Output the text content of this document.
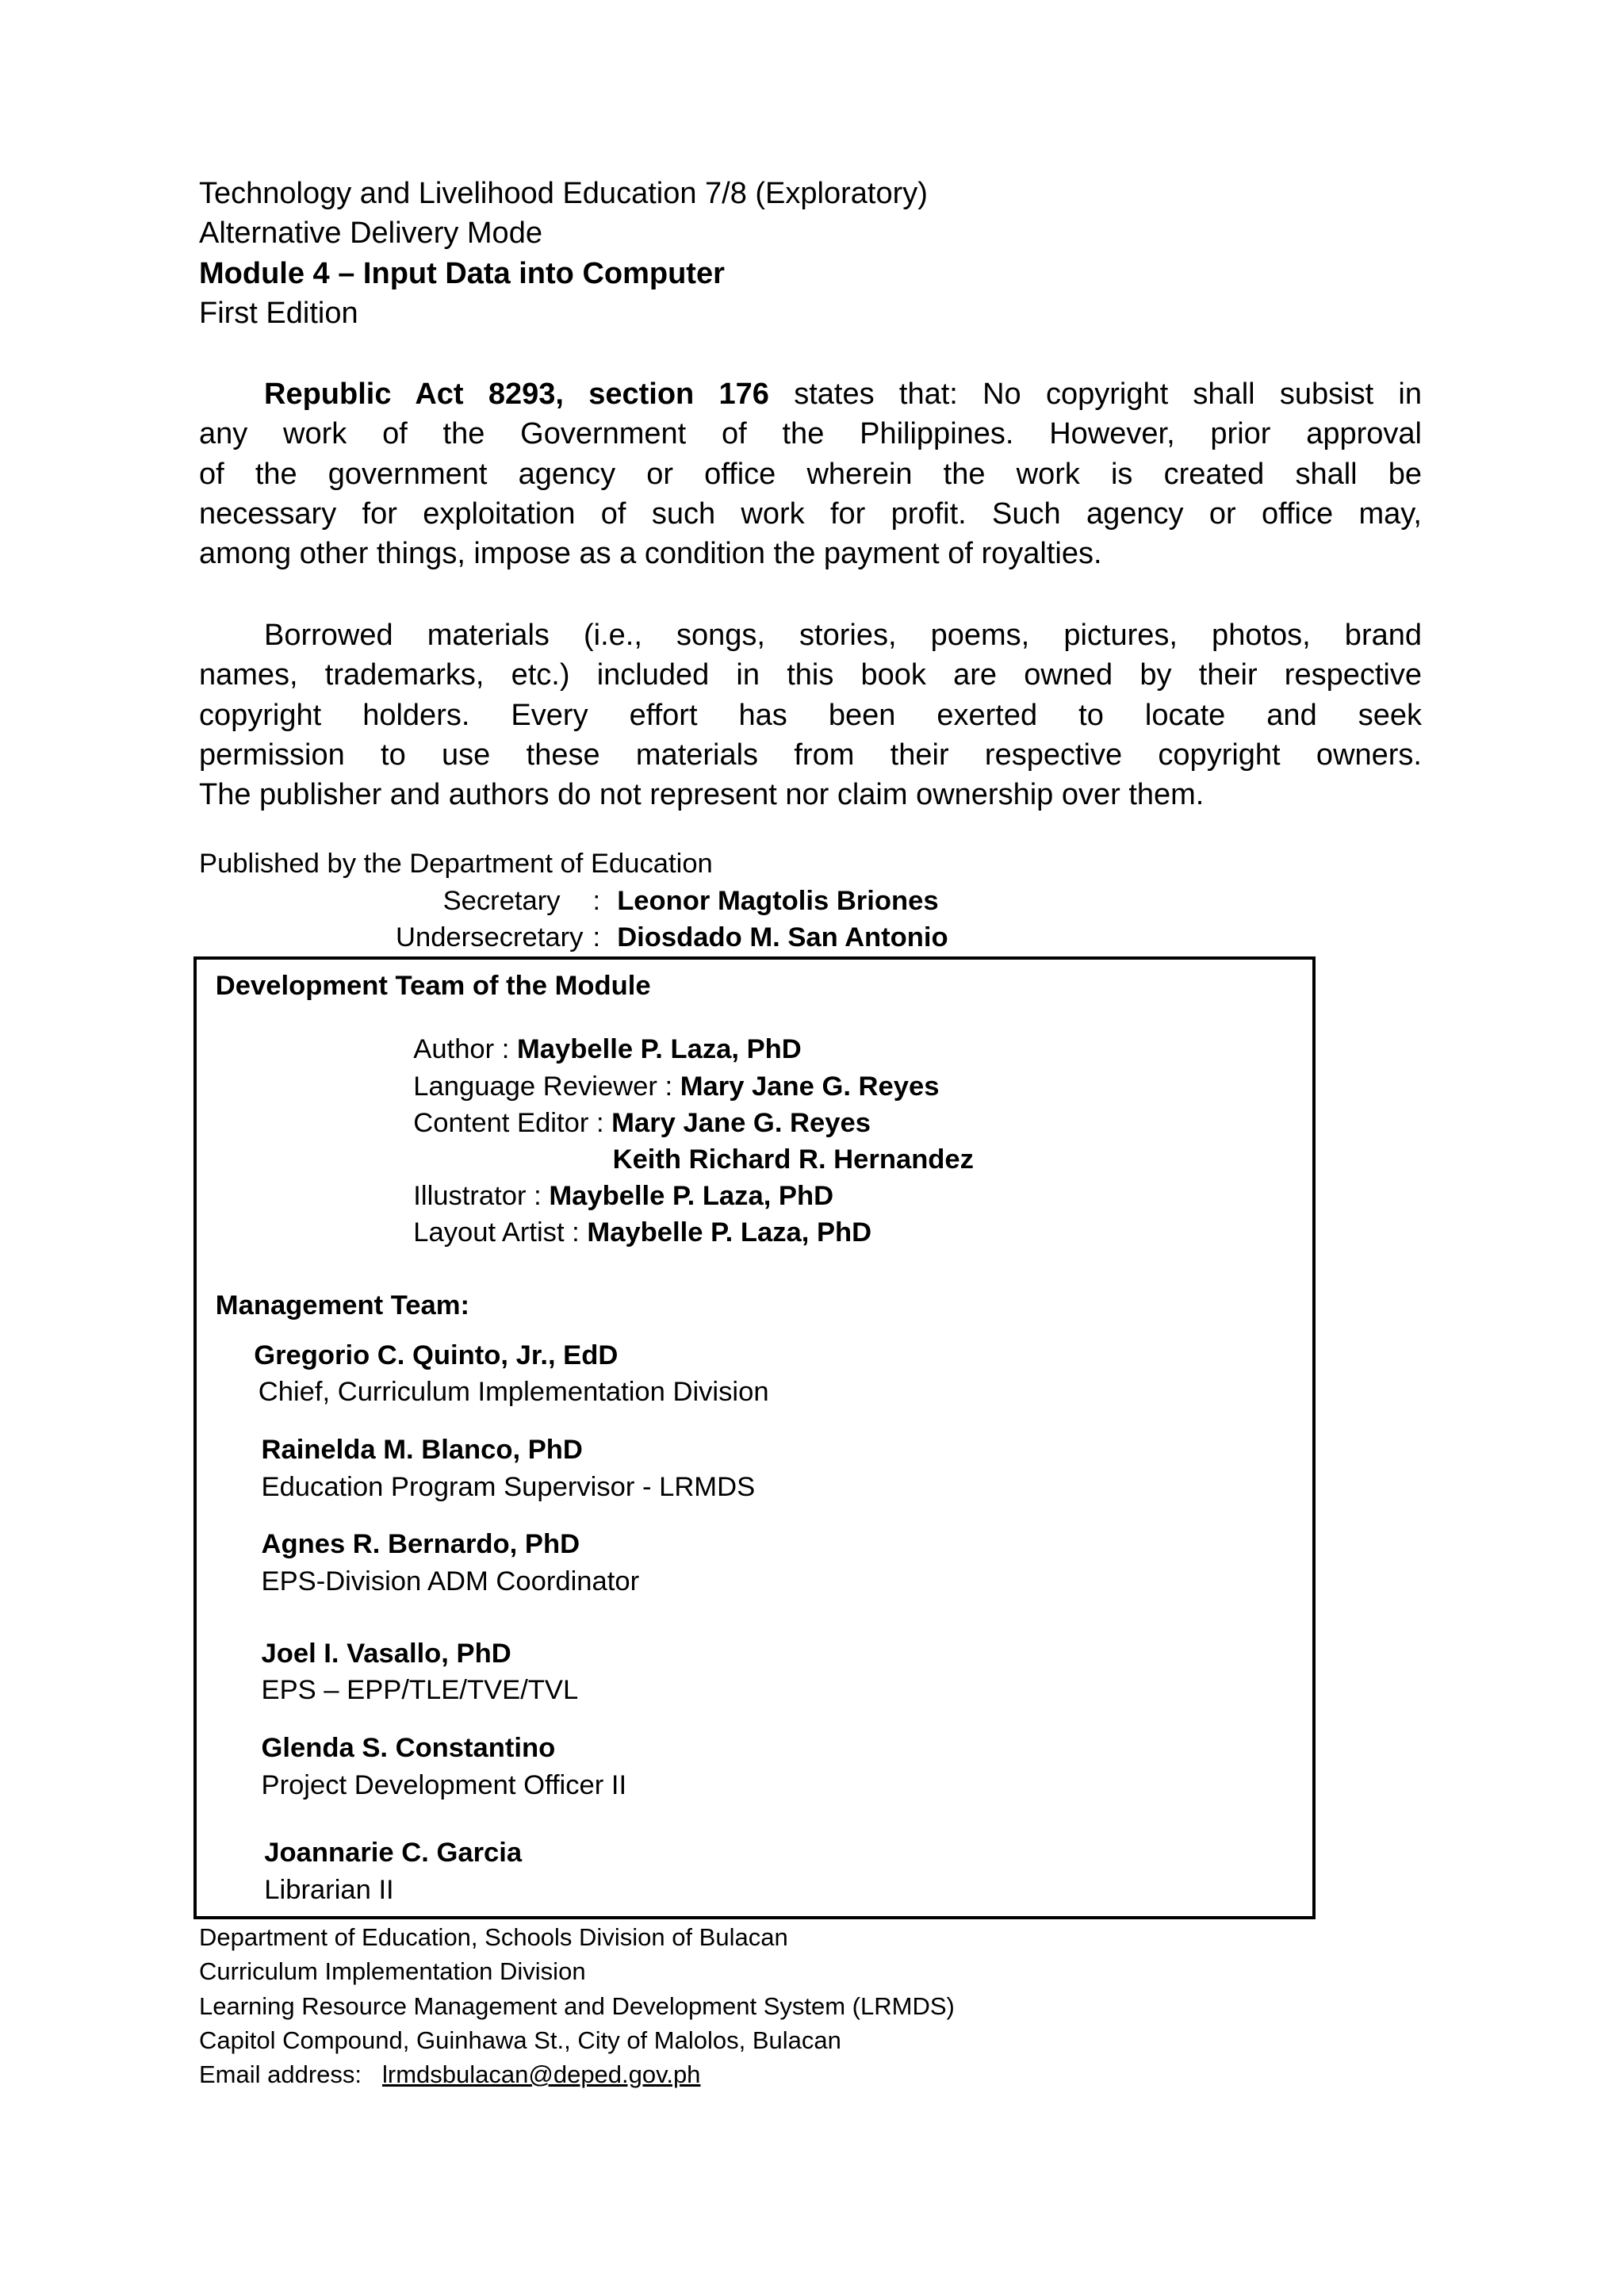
Technology and Livelihood Education 7/8 (Exploratory)
Alternative Delivery Mode
Module 4 – Input Data into Computer
First Edition
Republic Act 8293, section 176 states that: No copyright shall subsist in
any work of the Government of the Philippines. However, prior approval
of the government agency or office wherein the work is created shall be
necessary for exploitation of such work for profit. Such agency or office may,
among other things, impose as a condition the payment of royalties.
Borrowed materials (i.e., songs, stories, poems, pictures, photos, brand
names, trademarks, etc.) included in this book are owned by their respective
copyright holders. Every effort has been exerted to locate and seek
permission to use these materials from their respective copyright owners.
The publisher and authors do not represent nor claim ownership over them.
Published by the Department of Education
Secretary : Leonor Magtolis Briones
Undersecretary : Diosdado M. San Antonio
Development Team of the Module
Author : Maybelle P. Laza, PhD
Language Reviewer : Mary Jane G. Reyes
Content Editor : Mary Jane G. Reyes
Keith Richard R. Hernandez
Illustrator : Maybelle P. Laza, PhD
Layout Artist : Maybelle P. Laza, PhD
Management Team:
Gregorio C. Quinto, Jr., EdD
Chief, Curriculum Implementation Division
Rainelda M. Blanco, PhD
Education Program Supervisor - LRMDS
Agnes R. Bernardo, PhD
EPS-Division ADM Coordinator
Joel I. Vasallo, PhD
EPS – EPP/TLE/TVE/TVL
Glenda S. Constantino
Project Development Officer II
Joannarie C. Garcia
Librarian II
Department of Education, Schools Division of Bulacan
Curriculum Implementation Division
Learning Resource Management and Development System (LRMDS)
Capitol Compound, Guinhawa St., City of Malolos, Bulacan
Email address: lrmdsbulacan@deped.gov.ph
